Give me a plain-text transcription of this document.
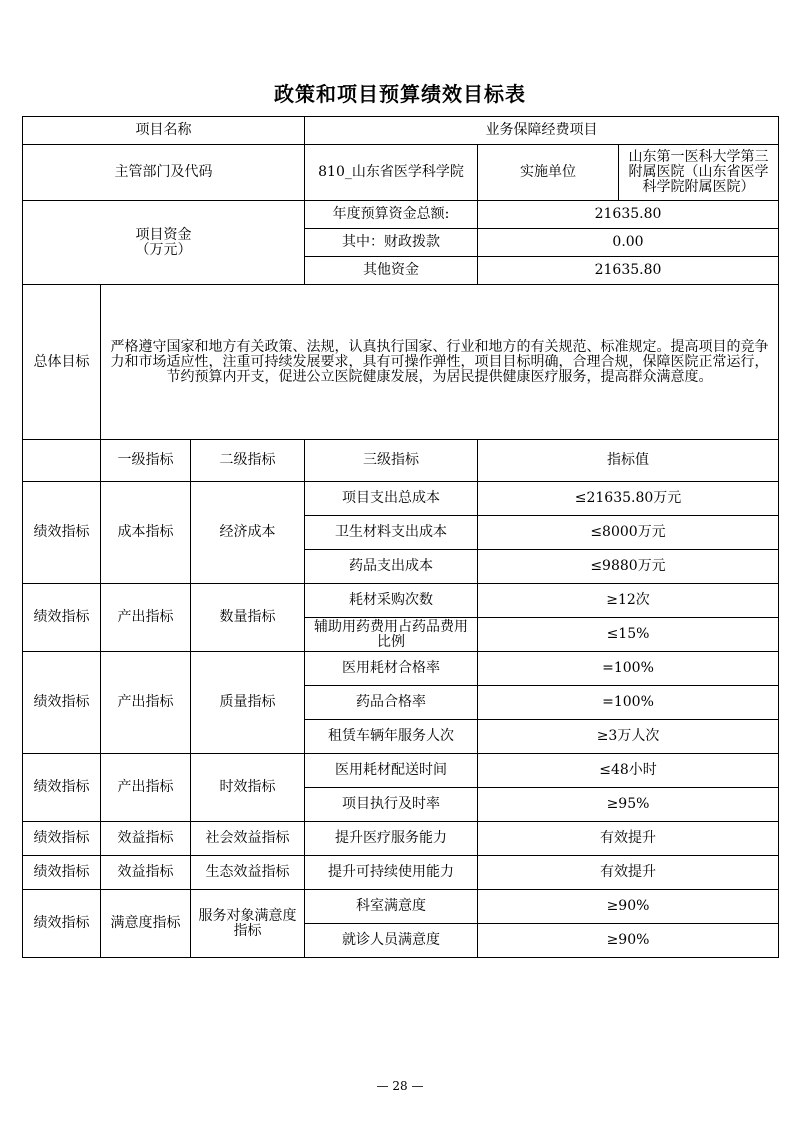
政策和项目预算绩效目标表
项目名称			业务保障经费项目		
主管部门及代码			810_山东省医学科学院	实施单位	山东第一医科大学第三附属医院（山东省医学科学院附属医院）

项目资金
（万元）			年度预算资金总额:	21635.80	
			其中：财政拨款	0.00	
			其他资金	21635.80	
总体目标	严格遵守国家和地方有关政策、法规，认真执行国家、行业和地方的有关规范、标准规定。提高项目的竞争力和市场适应性，注重可持续发展要求，具有可操作弹性，项目目标明确，合理合规，保障医院正常运行，节约预算内开支，促进公立医院健康发展，为居民提供健康医疗服务，提高群众满意度。				
	一级指标	二级指标	三级指标	指标值	
绩效指标	成本指标	经济成本	项目支出总成本	≤21635.80万元	
			卫生材料支出成本	≤8000万元	
			药品支出成本	≤9880万元	
绩效指标	产出指标	数量指标	耗材采购次数	≥12次	
			辅助用药费用占药品费用比例	≤15%	
绩效指标	产出指标	质量指标	医用耗材合格率	=100%	
			药品合格率	=100%	
			租赁车辆年服务人次	≥3万人次	
绩效指标	产出指标	时效指标	医用耗材配送时间	≤48小时	
			项目执行及时率	≥95%	
绩效指标	效益指标	社会效益指标	提升医疗服务能力	有效提升	
绩效指标	效益指标	生态效益指标	提升可持续使用能力	有效提升	
绩效指标	满意度指标	服务对象满意度指标	科室满意度	≥90%	
			就诊人员满意度	≥90%	
— 28 —
